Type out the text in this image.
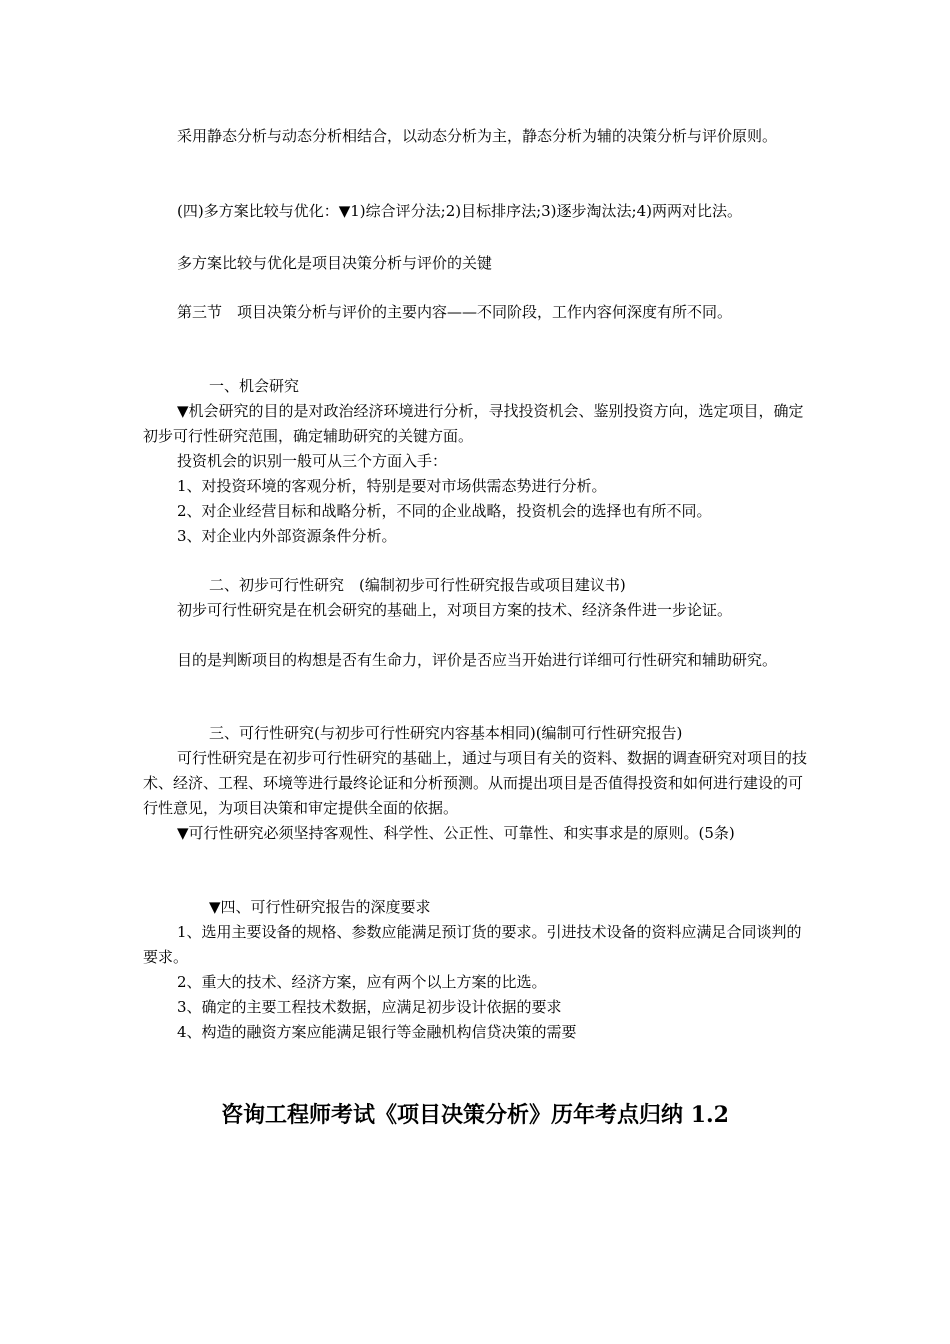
采用静态分析与动态分析相结合，以动态分析为主，静态分析为辅的决策分析与评价原则。
(四)多方案比较与优化：▼1)综合评分法;2)目标排序法;3)逐步淘汰法;4)两两对比法。
多方案比较与优化是项目决策分析与评价的关键
第三节　项目决策分析与评价的主要内容——不同阶段，工作内容何深度有所不同。
一、机会研究
▼机会研究的目的是对政治经济环境进行分析，寻找投资机会、鉴别投资方向，选定项目，确定初步可行性研究范围，确定辅助研究的关键方面。
投资机会的识别一般可从三个方面入手：
1、对投资环境的客观分析，特别是要对市场供需态势进行分析。
2、对企业经营目标和战略分析，不同的企业战略，投资机会的选择也有所不同。
3、对企业内外部资源条件分析。
二、初步可行性研究　(编制初步可行性研究报告或项目建议书)
初步可行性研究是在机会研究的基础上，对项目方案的技术、经济条件进一步论证。
目的是判断项目的构想是否有生命力，评价是否应当开始进行详细可行性研究和辅助研究。
三、可行性研究(与初步可行性研究内容基本相同)(编制可行性研究报告)
可行性研究是在初步可行性研究的基础上，通过与项目有关的资料、数据的调查研究对项目的技术、经济、工程、环境等进行最终论证和分析预测。从而提出项目是否值得投资和如何进行建设的可行性意见，为项目决策和审定提供全面的依据。
▼可行性研究必须坚持客观性、科学性、公正性、可靠性、和实事求是的原则。(5条)
▼四、可行性研究报告的深度要求
1、选用主要设备的规格、参数应能满足预订货的要求。引进技术设备的资料应满足合同谈判的要求。
2、重大的技术、经济方案，应有两个以上方案的比选。
3、确定的主要工程技术数据，应满足初步设计依据的要求
4、构造的融资方案应能满足银行等金融机构信贷决策的需要
咨询工程师考试《项目决策分析》历年考点归纳 1.2
